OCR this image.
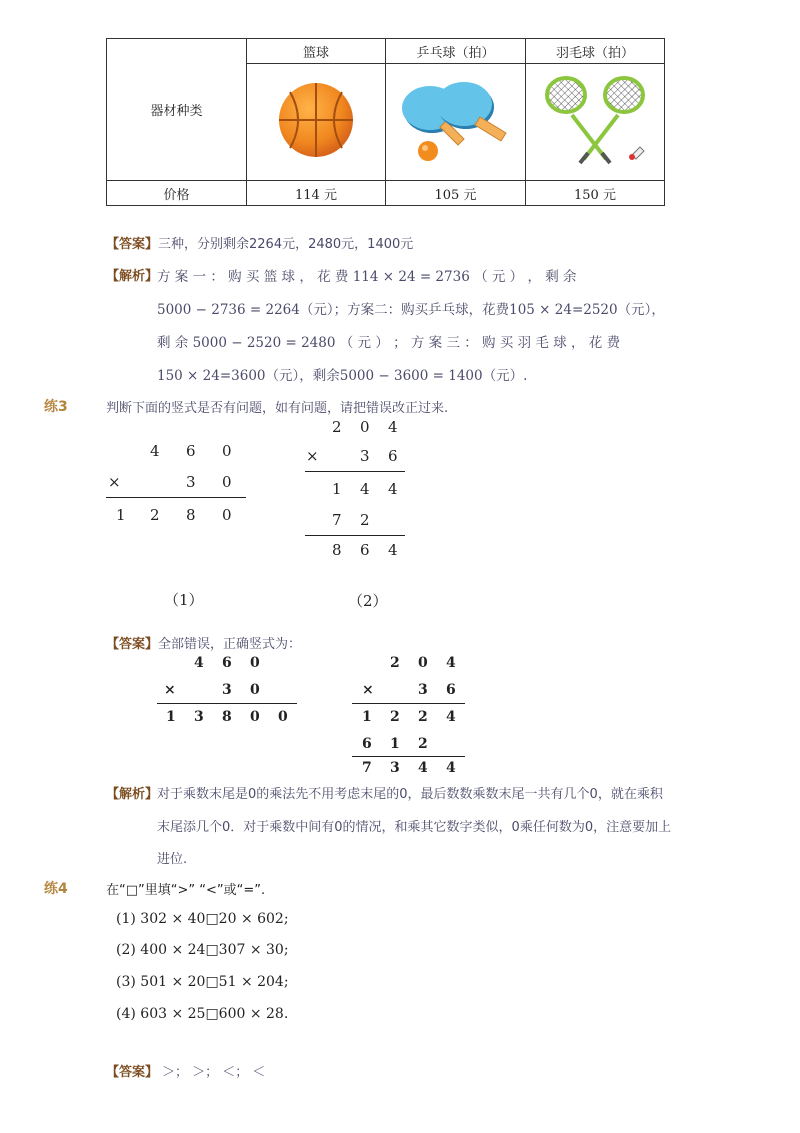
器材种类	篮球	乒乓球（拍）	羽毛球（拍）

价格	114 元	105 元	150 元
【答案】三种，分别剩余2264元，2480元，1400元
【解析】
方 案 一 ： 购 买 篮 球 ， 花 费 114 × 24 = 2736 （ 元 ） ， 剩 余
5000 − 2736 = 2264（元）；方案二：购买乒乓球，花费105 × 24=2520（元），
剩 余 5000 − 2520 = 2480 （ 元 ） ； 方 案 三 ： 购 买 羽 毛 球 ， 花 费
150 × 24=3600（元），剩余5000 − 3600 = 1400（元）.
练3	判断下面的竖式是否有问题，如有问题，请把错误改正过来.
4 6 0
×	3 0
1 2 8 0
（1）
2 0 4
×	3 6
1 4 4
7 2
8 6 4
（2）
【答案】全部错误，正确竖式为：
4 6 0
×	3 0
1 3 8 0 0
2 0 4
×	3 6
1 2 2 4
6 1 2
7 3 4 4
【解析】
对于乘数末尾是0的乘法先不用考虑末尾的0，最后数数乘数末尾一共有几个0，就在乘积
末尾添几个0．对于乘数中间有0的情况，和乘其它数字类似，0乘任何数为0，注意要加上
进位.
练4	在“□”里填“>” “<”或“=”.
(1) 302 × 40□20 × 602;
(2) 400 × 24□307 × 30;
(3) 501 × 20□51 × 204;
(4) 603 × 25□600 × 28.
【答案】 ＞； ＞； ＜； ＜
